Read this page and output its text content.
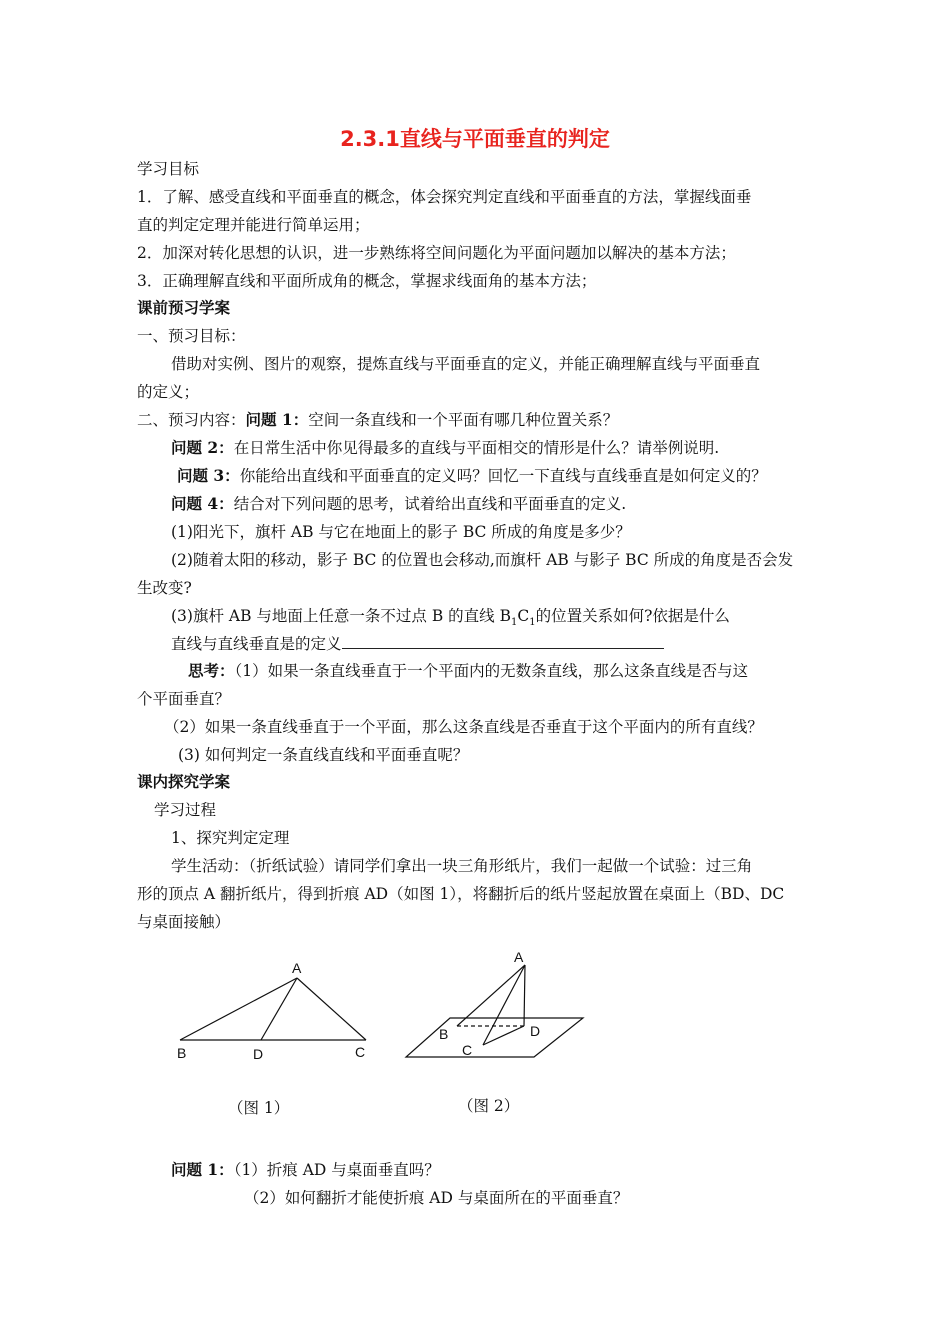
2.3.1直线与平面垂直的判定
学习目标
1．了解、感受直线和平面垂直的概念，体会探究判定直线和平面垂直的方法，掌握线面垂
直的判定定理并能进行简单运用；
2．加深对转化思想的认识，进一步熟练将空间问题化为平面问题加以解决的基本方法；
3．正确理解直线和平面所成角的概念，掌握求线面角的基本方法；
课前预习学案
一、预习目标：
借助对实例、图片的观察，提炼直线与平面垂直的定义，并能正确理解直线与平面垂直
的定义；
二、预习内容：问题 1：空间一条直线和一个平面有哪几种位置关系？
问题 2：在日常生活中你见得最多的直线与平面相交的情形是什么？请举例说明.
问题 3：你能给出直线和平面垂直的定义吗？回忆一下直线与直线垂直是如何定义的？
问题 4：结合对下列问题的思考，试着给出直线和平面垂直的定义.
(1)阳光下，旗杆 AB 与它在地面上的影子 BC 所成的角度是多少？
(2)随着太阳的移动，影子 BC 的位置也会移动,而旗杆 AB 与影子 BC 所成的角度是否会发
生改变?
(3)旗杆 AB 与地面上任意一条不过点 B 的直线 $B_1C_1$的位置关系如何?依据是什么
直线与直线垂直是的定义
思考：（1）如果一条直线垂直于一个平面内的无数条直线，那么这条直线是否与这
个平面垂直？
（2）如果一条直线垂直于一个平面，那么这条直线是否垂直于这个平面内的所有直线？
(3) 如何判定一条直线直线和平面垂直呢？
课内探究学案
学习过程
1、探究判定定理
学生活动：（折纸试验）请同学们拿出一块三角形纸片，我们一起做一个试验：过三角
形的顶点 A 翻折纸片，得到折痕 AD（如图 1），将翻折后的纸片竖起放置在桌面上（BD、DC
与桌面接触）
A
B	D	C
A
B	D
C
（图 1）	（图 2）
问题 1：（1）折痕 AD 与桌面垂直吗？
（2）如何翻折才能使折痕 AD 与桌面所在的平面垂直？
